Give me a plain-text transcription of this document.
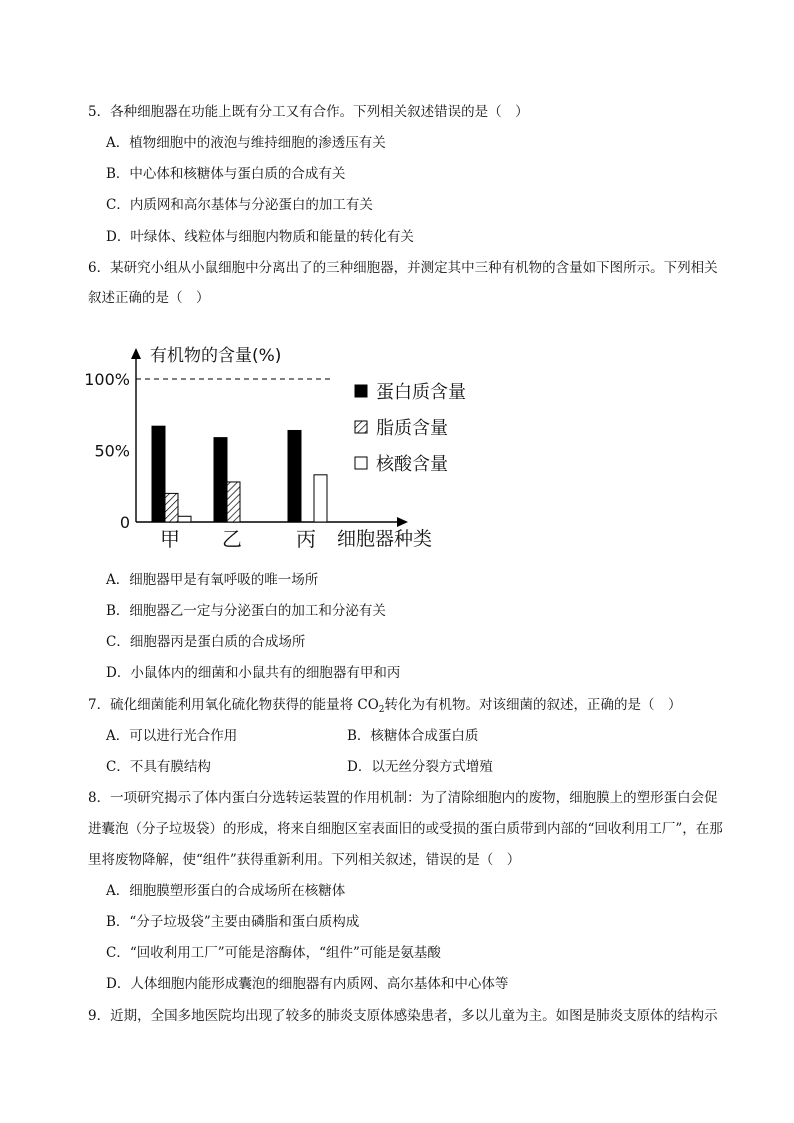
5．各种细胞器在功能上既有分工又有合作。下列相关叙述错误的是（　）
A．植物细胞中的液泡与维持细胞的渗透压有关
B．中心体和核糖体与蛋白质的合成有关
C．内质网和高尔基体与分泌蛋白的加工有关
D．叶绿体、线粒体与细胞内物质和能量的转化有关
6．某研究小组从小鼠细胞中分离出了的三种细胞器，并测定其中三种有机物的含量如下图所示。下列相关
叙述正确的是（　）
有机物的含量(%)
0
50%
100%
甲 乙	丙 细胞器种类
蛋白质含量
脂质含量
核酸含量
A．细胞器甲是有氧呼吸的唯一场所
B．细胞器乙一定与分泌蛋白的加工和分泌有关
C．细胞器丙是蛋白质的合成场所
D．小鼠体内的细菌和小鼠共有的细胞器有甲和丙
7．硫化细菌能利用氧化硫化物获得的能量将 $CO_2$转化为有机物。对该细菌的叙述，正确的是（　）
A．可以进行光合作用	B．核糖体合成蛋白质
C．不具有膜结构	D．以无丝分裂方式增殖
8．一项研究揭示了体内蛋白分选转运装置的作用机制：为了清除细胞内的废物，细胞膜上的塑形蛋白会促
进囊泡（分子垃圾袋）的形成，将来自细胞区室表面旧的或受损的蛋白质带到内部的“回收利用工厂”，在那
里将废物降解，使“组件”获得重新利用。下列相关叙述，错误的是（　）
A．细胞膜塑形蛋白的合成场所在核糖体
B．“分子垃圾袋”主要由磷脂和蛋白质构成
C．“回收利用工厂”可能是溶酶体，“组件”可能是氨基酸
D．人体细胞内能形成囊泡的细胞器有内质网、高尔基体和中心体等
9．近期，全国多地医院均出现了较多的肺炎支原体感染患者，多以儿童为主。如图是肺炎支原体的结构示
